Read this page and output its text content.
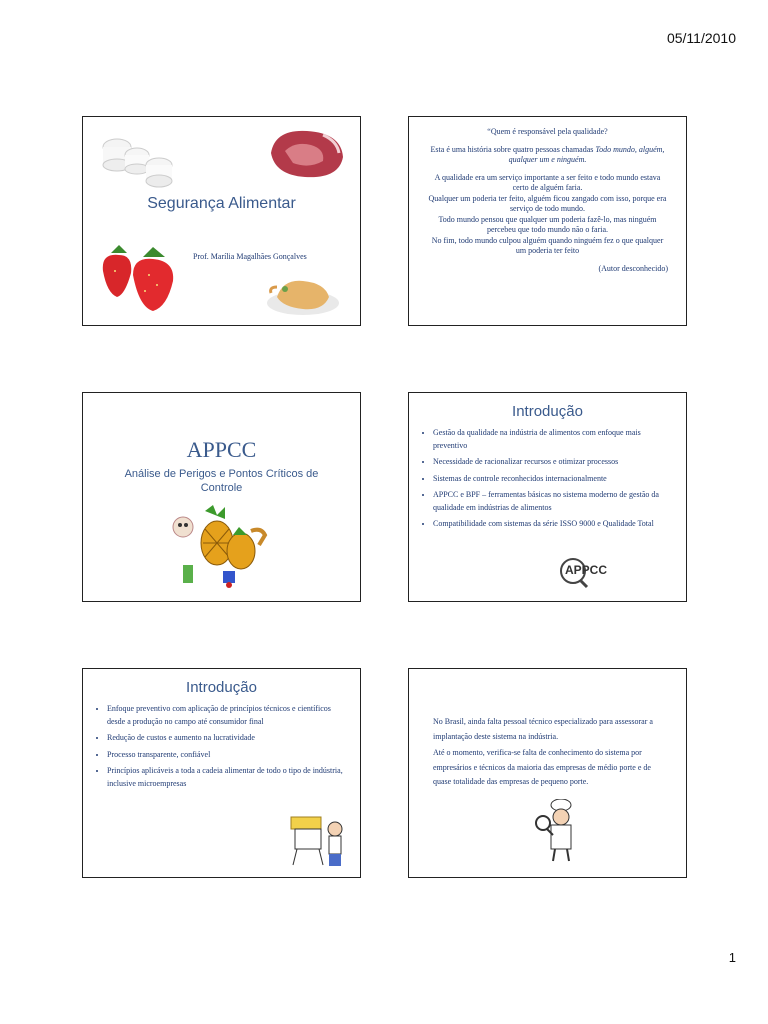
05/11/2010
Segurança Alimentar
Prof. Marília Magalhães Gonçalves

“Quem é responsável pela qualidade?

Esta é uma história sobre quatro pessoas chamadas Todo mundo, alguém, qualquer um e ninguém.

A qualidade era um serviço importante a ser feito e todo mundo estava certo de alguém faria.
Qualquer um poderia ter feito, alguém ficou zangado com isso, porque era serviço de todo mundo.
Todo mundo pensou que qualquer um poderia fazê-lo, mas ninguém percebeu que todo mundo não o faria.
No fim, todo mundo culpou alguém quando ninguém fez o que qualquer um poderia ter feito

(Autor desconhecido)

APPCC
Análise de Perigos e Pontos Críticos de Controle
Introdução
• Gestão da qualidade na indústria de alimentos com enfoque mais preventivo
• Necessidade de racionalizar recursos e otimizar processos
• Sistemas de controle reconhecidos internacionalmente
• APPCC e BPF – ferramentas básicas no sistema moderno de gestão da qualidade em indústrias de alimentos
• Compatibilidade com sistemas da série ISSO 9000 e Qualidade Total
APPCC
Introdução
• Enfoque preventivo com aplicação de princípios técnicos e científicos desde a produção no campo até consumidor final
• Redução de custos e aumento na lucratividade
• Processo transparente, confiável
• Princípios aplicáveis a toda a cadeia alimentar de todo o tipo de indústria, inclusive microempresas

No Brasil, ainda falta pessoal técnico especializado para assessorar a implantação deste sistema na indústria.

Até o momento, verifica-se falta de conhecimento do sistema por empresários e técnicos da maioria das empresas de médio porte e de quase totalidade das empresas de pequeno porte.

1
